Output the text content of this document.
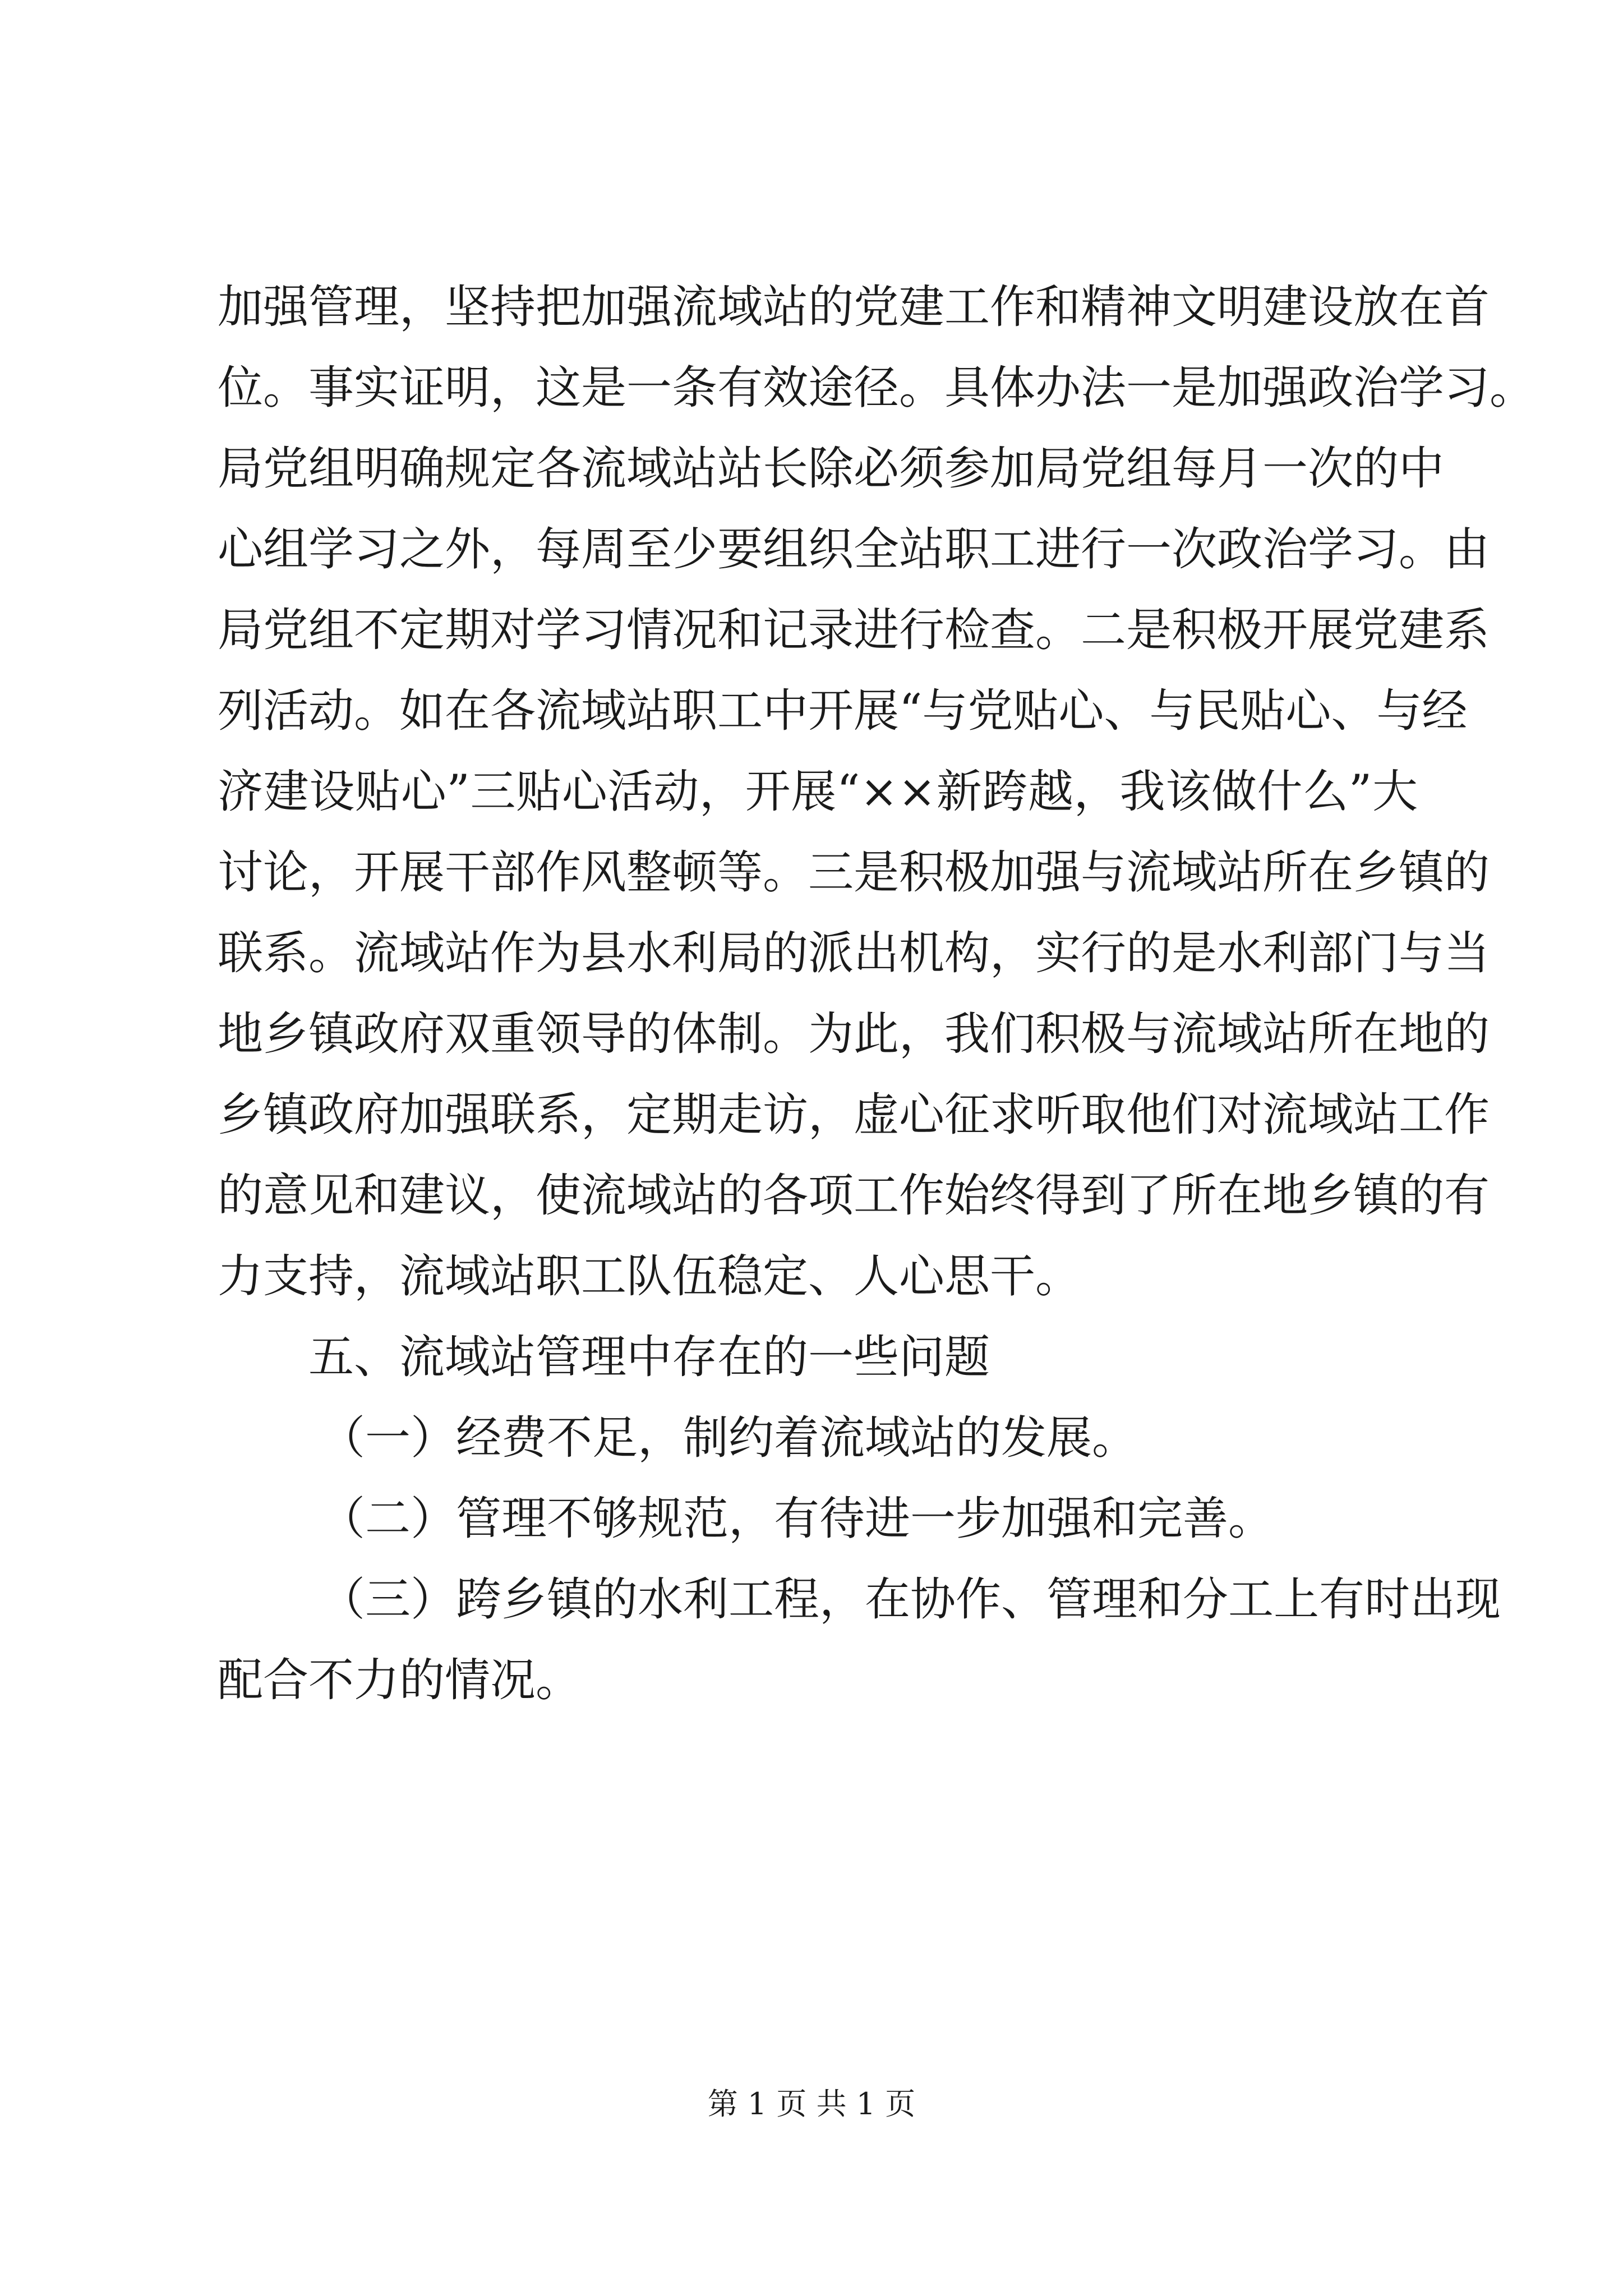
加强管理，坚持把加强流域站的党建工作和精神文明建设放在首
位。事实证明，这是一条有效途径。具体办法一是加强政治学习。
局党组明确规定各流域站站长除必须参加局党组每月一次的中
心组学习之外，每周至少要组织全站职工进行一次政治学习。由
局党组不定期对学习情况和记录进行检查。二是积极开展党建系
列活动。如在各流域站职工中开展“与党贴心、与民贴心、与经
济建设贴心”三贴心活动，开展“××新跨越，我该做什么”大
讨论，开展干部作风整顿等。三是积极加强与流域站所在乡镇的
联系。流域站作为县水利局的派出机构，实行的是水利部门与当
地乡镇政府双重领导的体制。为此，我们积极与流域站所在地的
乡镇政府加强联系，定期走访，虚心征求听取他们对流域站工作
的意见和建议，使流域站的各项工作始终得到了所在地乡镇的有
力支持，流域站职工队伍稳定、人心思干。
五、流域站管理中存在的一些问题
（一）经费不足，制约着流域站的发展。
（二）管理不够规范，有待进一步加强和完善。
（三）跨乡镇的水利工程，在协作、管理和分工上有时出现
配合不力的情况。
第 1 页 共 1 页
